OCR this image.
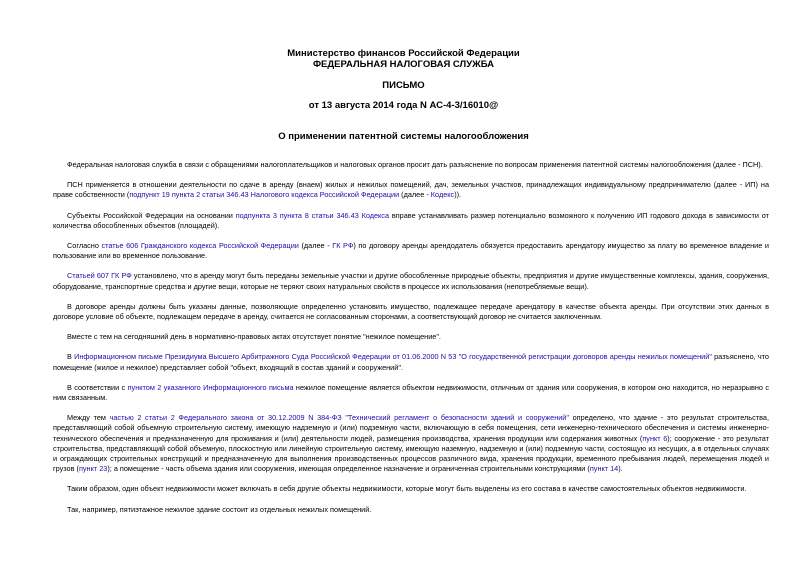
Министерство финансов Российской Федерации
ФЕДЕРАЛЬНАЯ НАЛОГОВАЯ СЛУЖБА
ПИСЬМО
от 13 августа 2014 года N АС-4-3/16010@
О применении патентной системы налогообложения

Федеральная налоговая служба в связи с обращениями налогоплательщиков и налоговых органов просит дать разъяснение по вопросам применения патентной системы налогообложения (далее - ПСН).

ПСН применяется в отношении деятельности по сдаче в аренду (внаем) жилых и нежилых помещений, дач, земельных участков, принадлежащих индивидуальному предпринимателю (далее - ИП) на праве собственности (подпункт 19 пункта 2 статьи 346.43 Налогового кодекса Российской Федерации (далее - Кодекс)).

Субъекты Российской Федерации на основании подпункта 3 пункта 8 статьи 346.43 Кодекса вправе устанавливать размер потенциально возможного к получению ИП годового дохода в зависимости от количества обособленных объектов (площадей).

Согласно статье 606 Гражданского кодекса Российской Федерации (далее - ГК РФ) по договору аренды арендодатель обязуется предоставить арендатору имущество за плату во временное владение и пользование или во временное пользование.

Статьей 607 ГК РФ установлено, что в аренду могут быть переданы земельные участки и другие обособленные природные объекты, предприятия и другие имущественные комплексы, здания, сооружения, оборудование, транспортные средства и другие вещи, которые не теряют своих натуральных свойств в процессе их использования (непотребляемые вещи).

В договоре аренды должны быть указаны данные, позволяющие определенно установить имущество, подлежащее передаче арендатору в качестве объекта аренды. При отсутствии этих данных в договоре условие об объекте, подлежащем передаче в аренду, считается не согласованным сторонами, а соответствующий договор не считается заключенным.

Вместе с тем на сегодняшний день в нормативно-правовых актах отсутствует понятие "нежилое помещение".

В Информационном письме Президиума Высшего Арбитражного Суда Российской Федерации от 01.06.2000 N 53 "О государственной регистрации договоров аренды нежилых помещений" разъяснено, что помещение (жилое и нежилое) представляет собой "объект, входящий в состав зданий и сооружений".

В соответствии с пунктом 2 указанного Информационного письма нежилое помещение является объектом недвижимости, отличным от здания или сооружения, в котором оно находится, но неразрывно с ним связанным.

Между тем частью 2 статьи 2 Федерального закона от 30.12.2009 N 384-ФЗ "Технический регламент о безопасности зданий и сооружений" определено, что здание - это результат строительства, представляющий собой объемную строительную систему, имеющую надземную и (или) подземную части, включающую в себя помещения, сети инженерно-технического обеспечения и системы инженерно-технического обеспечения и предназначенную для проживания и (или) деятельности людей, размещения производства, хранения продукции или содержания животных (пункт 6); сооружение - это результат строительства, представляющий собой объемную, плоскостную или линейную строительную систему, имеющую наземную, надземную и (или) подземную части, состоящую из несущих, а в отдельных случаях и ограждающих строительных конструкций и предназначенную для выполнения производственных процессов различного вида, хранения продукции, временного пребывания людей, перемещения людей и грузов (пункт 23); а помещение - часть объема здания или сооружения, имеющая определенное назначение и ограниченная строительными конструкциями (пункт 14).

Таким образом, один объект недвижимости может включать в себя другие объекты недвижимости, которые могут быть выделены из его состава в качестве самостоятельных объектов недвижимости.

Так, например, пятиэтажное нежилое здание состоит из отдельных нежилых помещений.
